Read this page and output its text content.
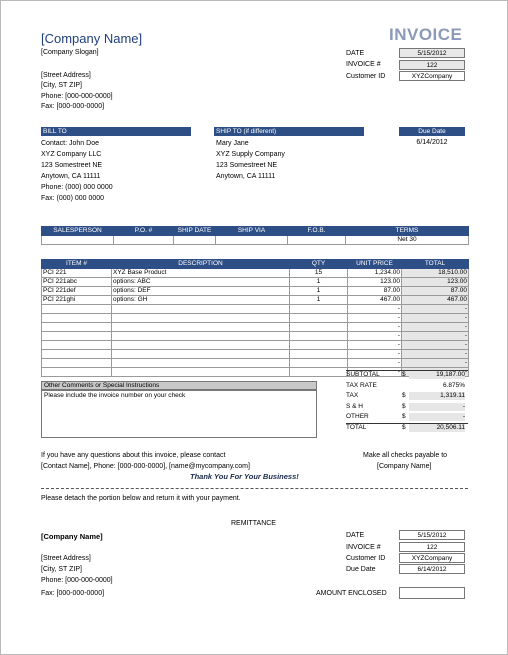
[Company Name]
[Company Slogan]
[Street Address]
[City, ST ZIP]
Phone: [000-000-0000]
Fax: [000-000-0000]
INVOICE
DATE	5/15/2012
INVOICE #	122
Customer ID	XYZCompany
BILL TO
Contact: John Doe
XYZ Company LLC
123 Somestreet NE
Anytown, CA 11111
Phone: (000) 000 0000
Fax: (000) 000 0000
SHIP TO (if different)
Mary Jane
XYZ Supply Company
123 Somestreet NE
Anytown, CA 11111
Due Date
6/14/2012
SALESPERSON	P.O. #	SHIP DATE	SHIP VIA	F.O.B.	TERMS
					Net 30
ITEM #	DESCRIPTION	QTY	UNIT PRICE	TOTAL
PCI 221	XYZ Base Product	15	1,234.00	18,510.00
PCI 221abc	options: ABC	1	123.00	123.00
PCI 221def	options: DEF	1	87.00	87.00
PCI 221ghi	options: GH	1	467.00	467.00
			-	-
			-	-
			-	-
			-	-
			-	-
			-	-
			-	-
			-	-
Other Comments or Special Instructions
Please include the invoice number on your check
SUBTOTAL	$	19,187.00
TAX RATE	6.875%
TAX	$	1,319.11
S & H	$	-
OTHER	$	-
TOTAL	$	20,506.11
If you have any questions about this invoice, please contact
[Contact Name], Phone: [000-000-0000], [name@mycompany.com]
Thank You For Your Business!
Make all checks payable to
[Company Name]
Please detach the portion below and return it with your payment.
REMITTANCE
[Company Name]
[Street Address]
[City, ST ZIP]
Phone: [000-000-0000]
Fax: [000-000-0000]
DATE	5/15/2012
INVOICE #	122
Customer ID	XYZCompany
Due Date	6/14/2012
AMOUNT ENCLOSED
